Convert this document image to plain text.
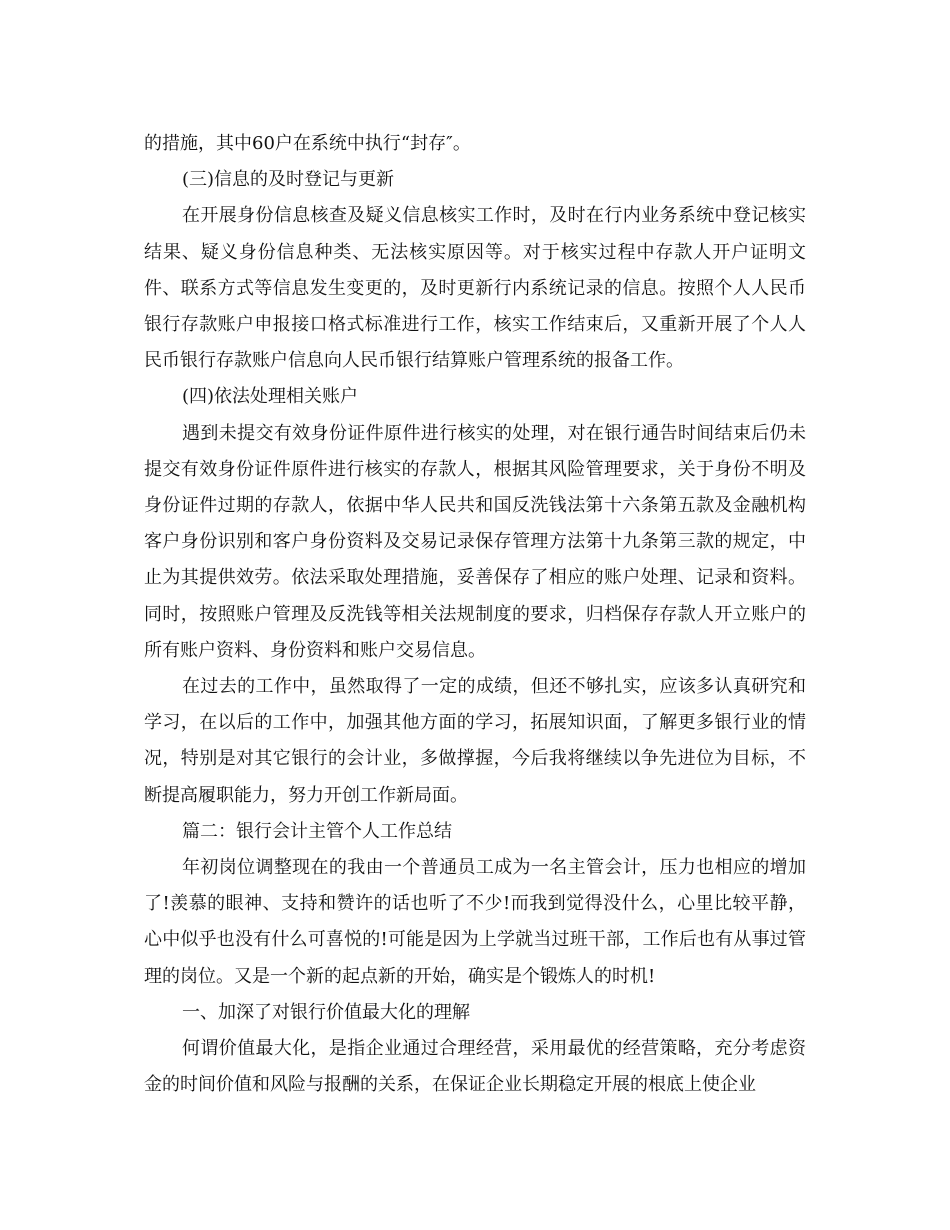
的措施，其中60户在系统中执行“封存″。

(三)信息的及时登记与更新

在开展身份信息核查及疑义信息核实工作时，及时在行内业务系统中登记核实结果、疑义身份信息种类、无法核实原因等。对于核实过程中存款人开户证明文件、联系方式等信息发生变更的，及时更新行内系统记录的信息。按照个人人民币银行存款账户申报接口格式标准进行工作，核实工作结束后，又重新开展了个人人民币银行存款账户信息向人民币银行结算账户管理系统的报备工作。

(四)依法处理相关账户

遇到未提交有效身份证件原件进行核实的处理，对在银行通告时间结束后仍未提交有效身份证件原件进行核实的存款人，根据其风险管理要求，关于身份不明及身份证件过期的存款人，依据中华人民共和国反洗钱法第十六条第五款及金融机构客户身份识别和客户身份资料及交易记录保存管理方法第十九条第三款的规定，中止为其提供效劳。依法采取处理措施，妥善保存了相应的账户处理、记录和资料。同时，按照账户管理及反洗钱等相关法规制度的要求，归档保存存款人开立账户的所有账户资料、身份资料和账户交易信息。

在过去的工作中，虽然取得了一定的成绩，但还不够扎实，应该多认真研究和学习，在以后的工作中，加强其他方面的学习，拓展知识面，了解更多银行业的情况，特别是对其它银行的会计业，多做撑握，今后我将继续以争先进位为目标，不断提高履职能力，努力开创工作新局面。

篇二：银行会计主管个人工作总结

年初岗位调整现在的我由一个普通员工成为一名主管会计，压力也相应的增加了!羡慕的眼神、支持和赞许的话也听了不少!而我到觉得没什么，心里比较平静，心中似乎也没有什么可喜悦的!可能是因为上学就当过班干部，工作后也有从事过管理的岗位。又是一个新的起点新的开始，确实是个锻炼人的时机!

一、加深了对银行价值最大化的理解

何谓价值最大化，是指企业通过合理经营，采用最优的经营策略，充分考虑资金的时间价值和风险与报酬的关系，在保证企业长期稳定开展的根底上使企业
